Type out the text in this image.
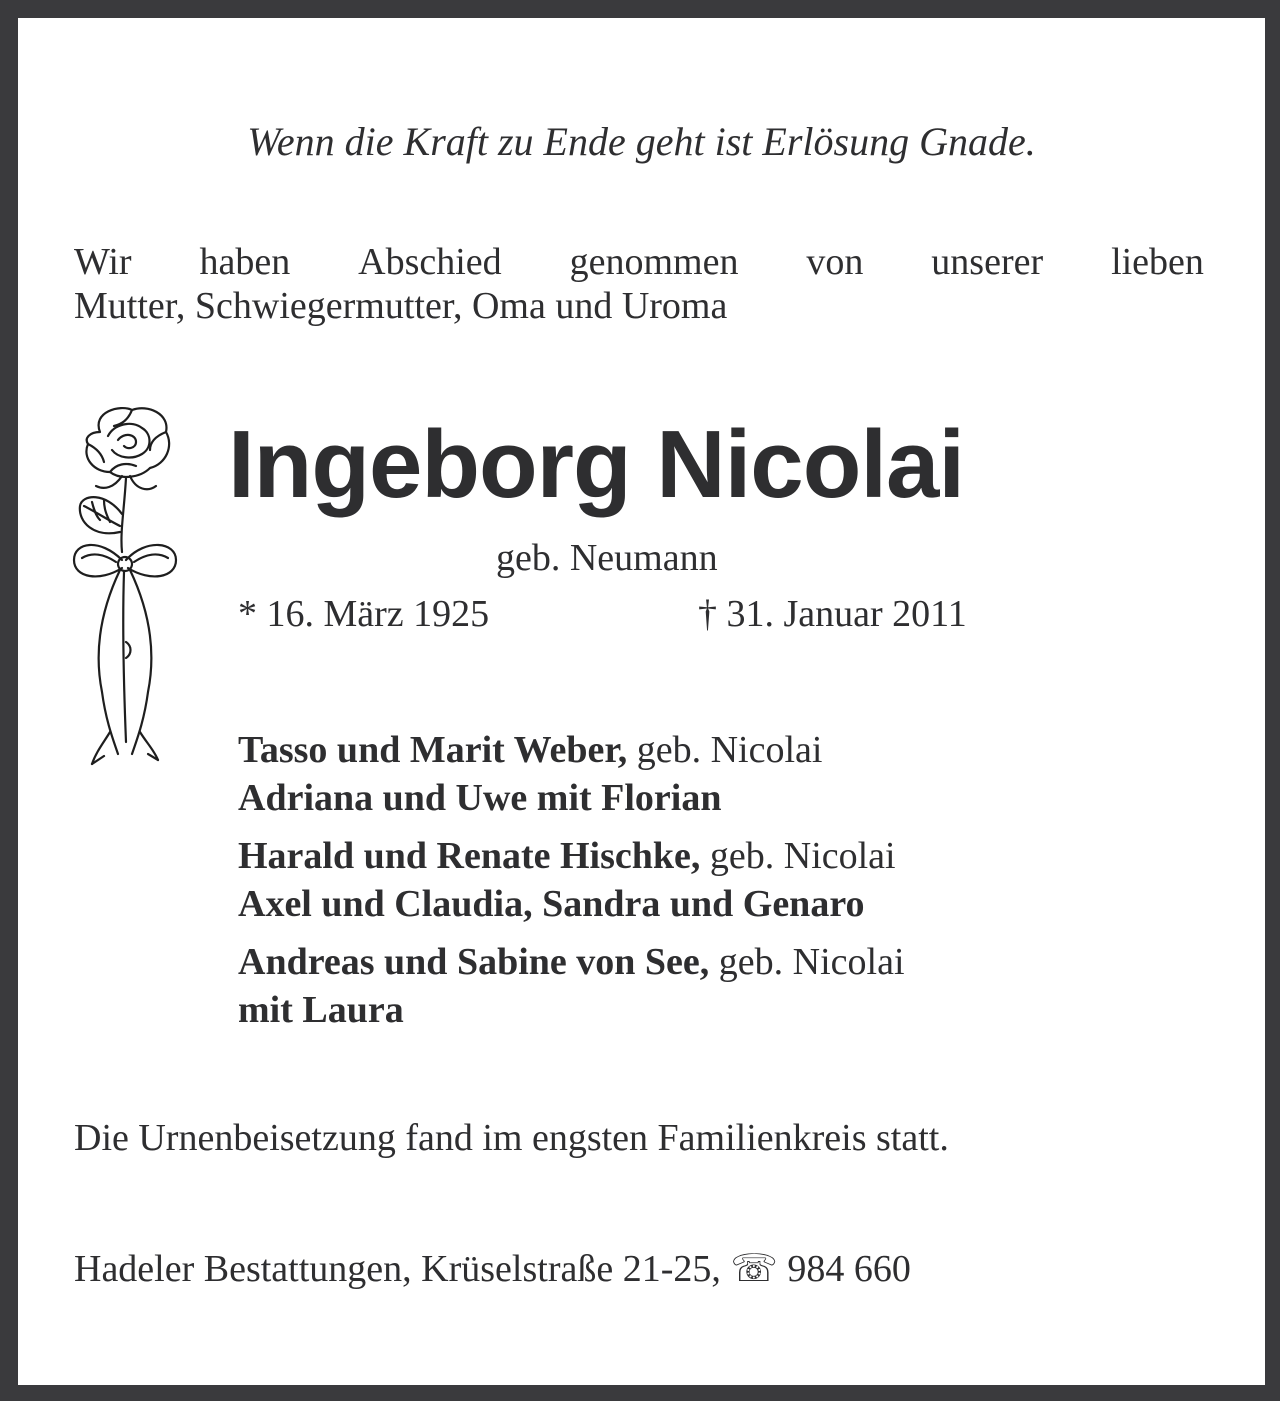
Wenn die Kraft zu Ende geht ist Erlösung Gnade.
Wir haben Abschied genommen von unserer lieben
Mutter, Schwiegermutter, Oma und Uroma
Ingeborg Nicolai
geb. Neumann
* 16. März 1925	† 31. Januar 2011
Tasso und Marit Weber, geb. Nicolai
Adriana und Uwe mit Florian
Harald und Renate Hischke, geb. Nicolai
Axel und Claudia, Sandra und Genaro
Andreas und Sabine von See, geb. Nicolai
mit Laura
Die Urnenbeisetzung fand im engsten Familienkreis statt.
Hadeler Bestattungen, Krüselstraße 21-25, ☏ 984 660
